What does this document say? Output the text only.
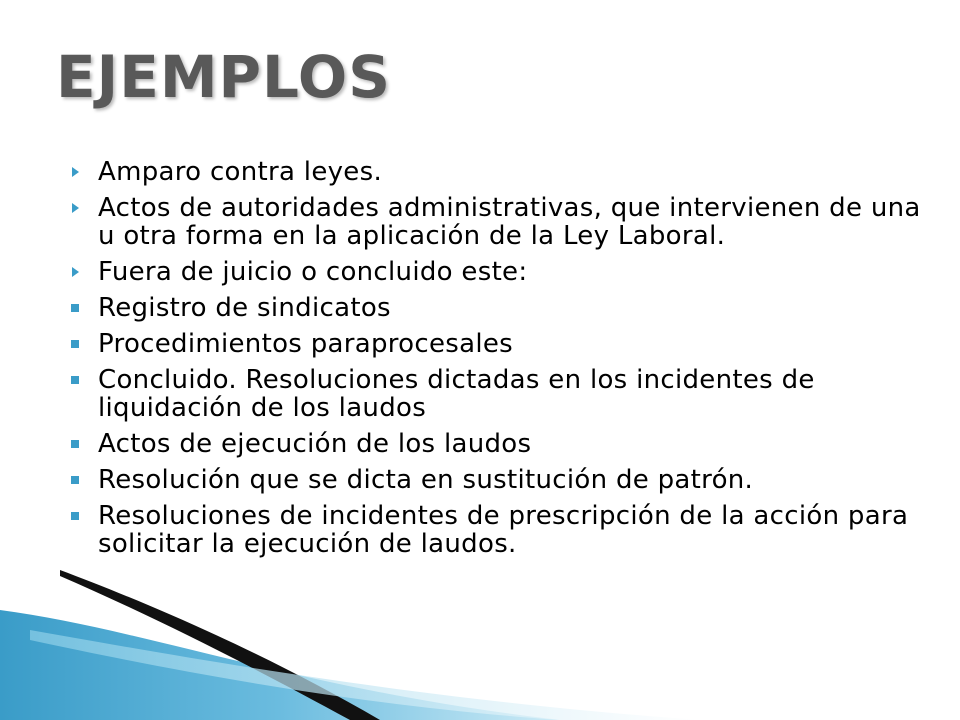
EJEMPLOS
Amparo contra leyes.
Actos de autoridades administrativas, que intervienen de una u otra forma en la aplicación de la Ley Laboral.
Fuera de juicio o concluido este:
Registro de sindicatos
Procedimientos paraprocesales
Concluido. Resoluciones dictadas en los incidentes de liquidación de los laudos
Actos de ejecución de los laudos
Resolución que se dicta en sustitución de patrón.
Resoluciones de incidentes de prescripción de la acción para solicitar la ejecución de laudos.
